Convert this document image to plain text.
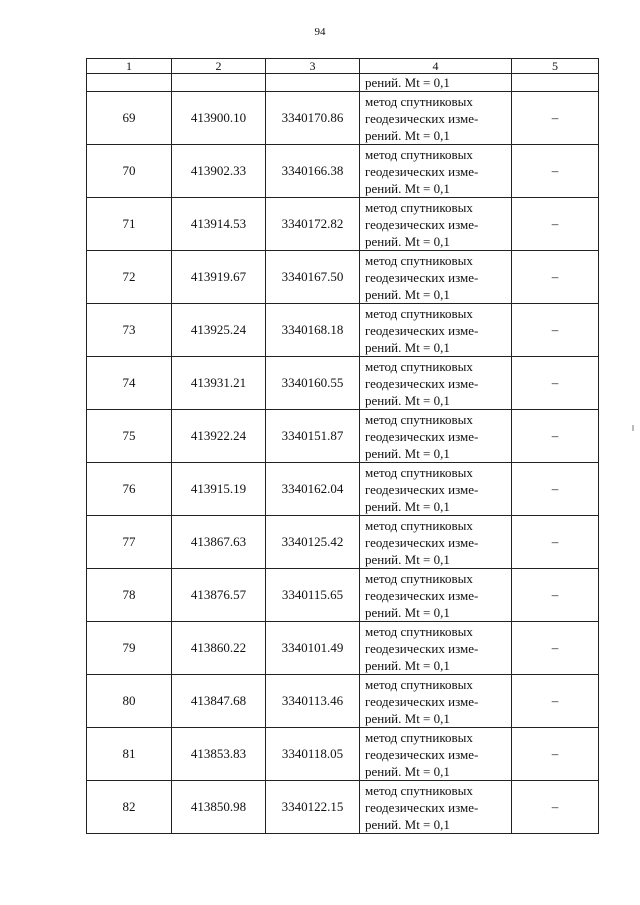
94
1	2	3	4	5
			рений. Mt = 0,1	
69	413900.10	3340170.86	метод спутниковых
геодезических изме-
рений. Mt = 0,1	–
70	413902.33	3340166.38	метод спутниковых
геодезических изме-
рений. Mt = 0,1	–
71	413914.53	3340172.82	метод спутниковых
геодезических изме-
рений. Mt = 0,1	–
72	413919.67	3340167.50	метод спутниковых
геодезических изме-
рений. Mt = 0,1	–
73	413925.24	3340168.18	метод спутниковых
геодезических изме-
рений. Mt = 0,1	–
74	413931.21	3340160.55	метод спутниковых
геодезических изме-
рений. Mt = 0,1	–
75	413922.24	3340151.87	метод спутниковых
геодезических изме-
рений. Mt = 0,1	–
76	413915.19	3340162.04	метод спутниковых
геодезических изме-
рений. Mt = 0,1	–
77	413867.63	3340125.42	метод спутниковых
геодезических изме-
рений. Mt = 0,1	–
78	413876.57	3340115.65	метод спутниковых
геодезических изме-
рений. Mt = 0,1	–
79	413860.22	3340101.49	метод спутниковых
геодезических изме-
рений. Mt = 0,1	–
80	413847.68	3340113.46	метод спутниковых
геодезических изме-
рений. Mt = 0,1	–
81	413853.83	3340118.05	метод спутниковых
геодезических изме-
рений. Mt = 0,1	–
82	413850.98	3340122.15	метод спутниковых
геодезических изме-
рений. Mt = 0,1	–
